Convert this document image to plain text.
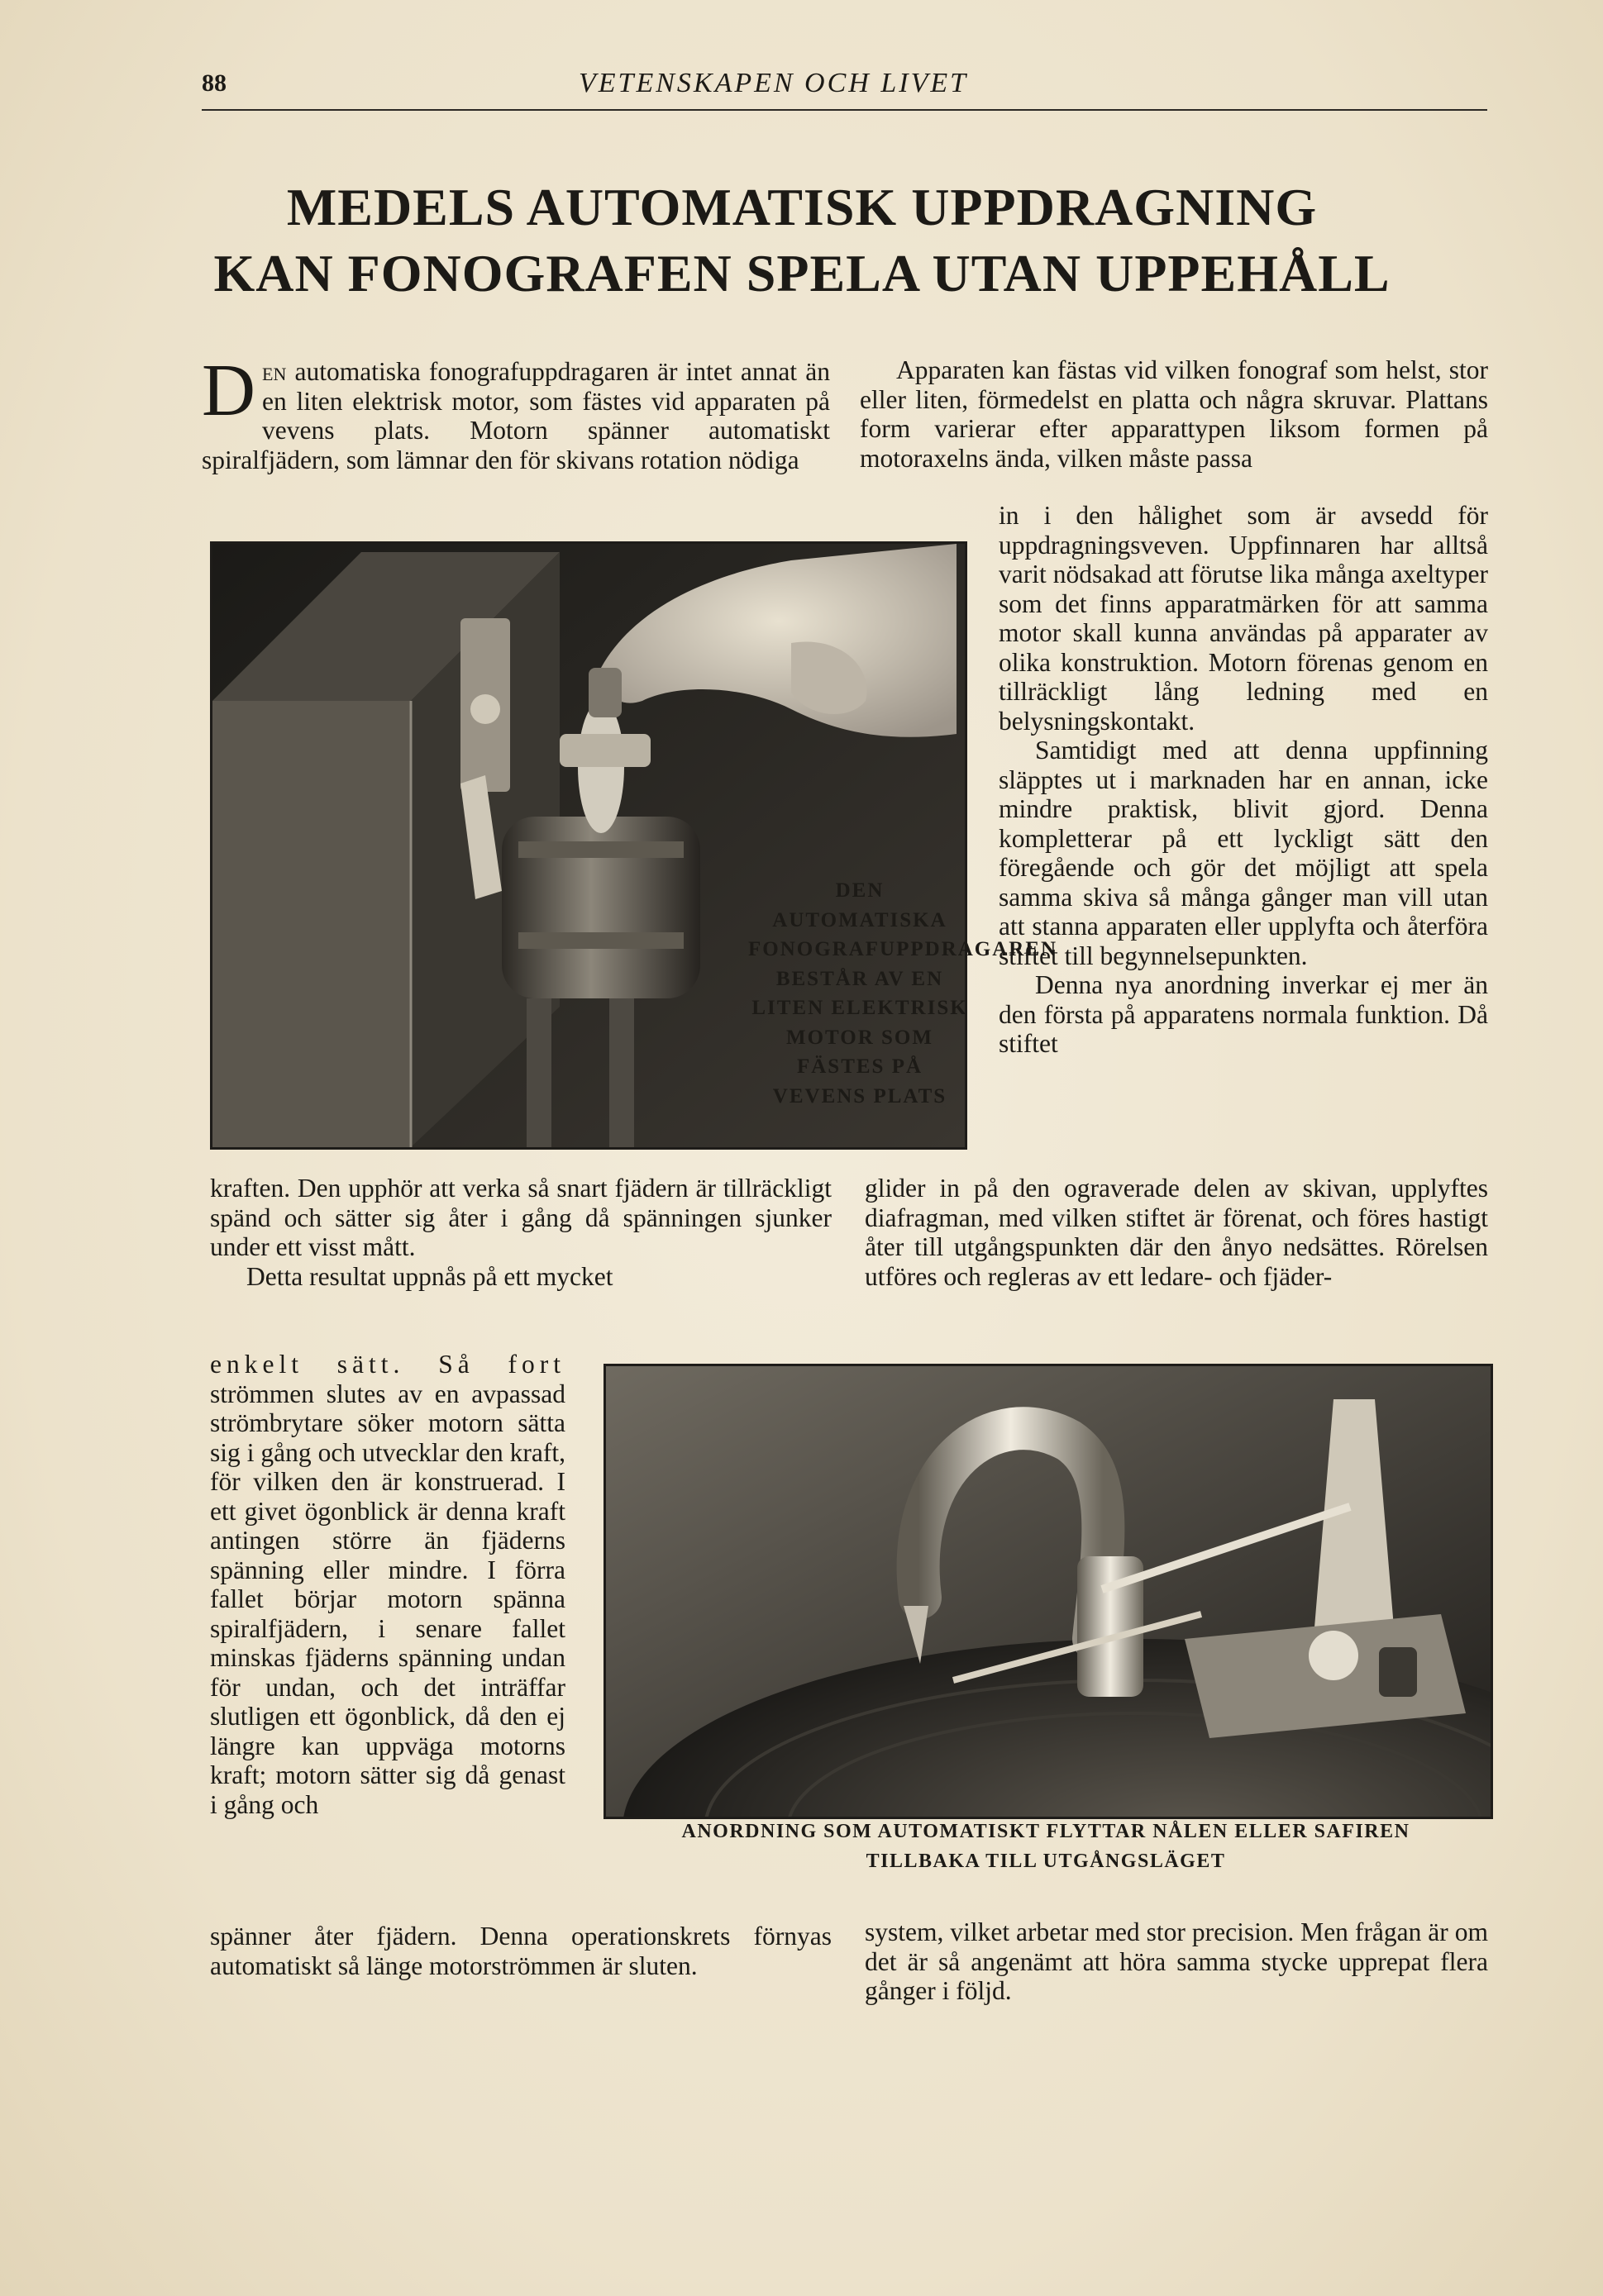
88	VETENSKAPEN OCH LIVET
MEDELS AUTOMATISK UPPDRAGNING
KAN FONOGRAFEN SPELA UTAN UPPEHÅLL

Den automatiska fonografuppdragaren är intet annat än en liten elektrisk motor, som fästes vid apparaten på vevens plats. Motorn spänner automatiskt spiralfjädern, som lämnar den för skivans rotation nödiga

Apparaten kan fästas vid vilken fonograf som helst, stor eller liten, förmedelst en platta och några skruvar. Plattans form varierar efter apparattypen liksom formen på motoraxelns ända, vilken måste passa

in i den hålighet som är avsedd för uppdragningsveven. Uppfinnaren har alltså varit nödsakad att förutse lika många axeltyper som det finns apparatmärken för att samma motor skall kunna användas på apparater av olika konstruktion. Motorn förenas genom en tillräckligt lång ledning med en belysningskontakt.

Samtidigt med att denna uppfinning släpptes ut i marknaden har en annan, icke mindre praktisk, blivit gjord. Denna kompletterar på ett lyckligt sätt den föregående och gör det möjligt att spela samma skiva så många gånger man vill utan att stanna apparaten eller upplyfta och återföra stiftet till begynnelsepunkten.

Denna nya anordning inverkar ej mer än den första på apparatens normala funktion. Då stiftet

DEN AUTOMATISKA FONOGRAFUPPDRAGAREN BESTÅR AV EN LITEN ELEKTRISK MOTOR SOM FÄSTES PÅ VEVENS PLATS

kraften. Den upphör att verka så snart fjädern är tillräckligt spänd och sätter sig åter i gång då spänningen sjunker under ett visst mått.

Detta resultat uppnås på ett mycket

enkelt sätt. Så fort strömmen slutes av en avpassad strömbrytare söker motorn sätta sig i gång och utvecklar den kraft, för vilken den är konstruerad. I ett givet ögonblick är denna kraft antingen större än fjäderns spänning eller mindre. I förra fallet börjar motorn spänna spiralfjädern, i senare fallet minskas fjäderns spänning undan för undan, och det inträffar slutligen ett ögonblick, då den ej längre kan uppväga motorns kraft; motorn sätter sig då genast i gång och

spänner åter fjädern. Denna operationskrets förnyas automatiskt så länge motorströmmen är sluten.

glider in på den ograverade delen av skivan, upplyftes diafragman, med vilken stiftet är förenat, och föres hastigt åter till utgångspunkten där den ånyo nedsättes. Rörelsen utföres och regleras av ett ledare- och fjäder-

ANORDNING SOM AUTOMATISKT FLYTTAR NÅLEN ELLER SAFIREN
TILLBAKA TILL UTGÅNGSLÄGET

system, vilket arbetar med stor precision. Men frågan är om det är så angenämt att höra samma stycke upprepat flera gånger i följd.
